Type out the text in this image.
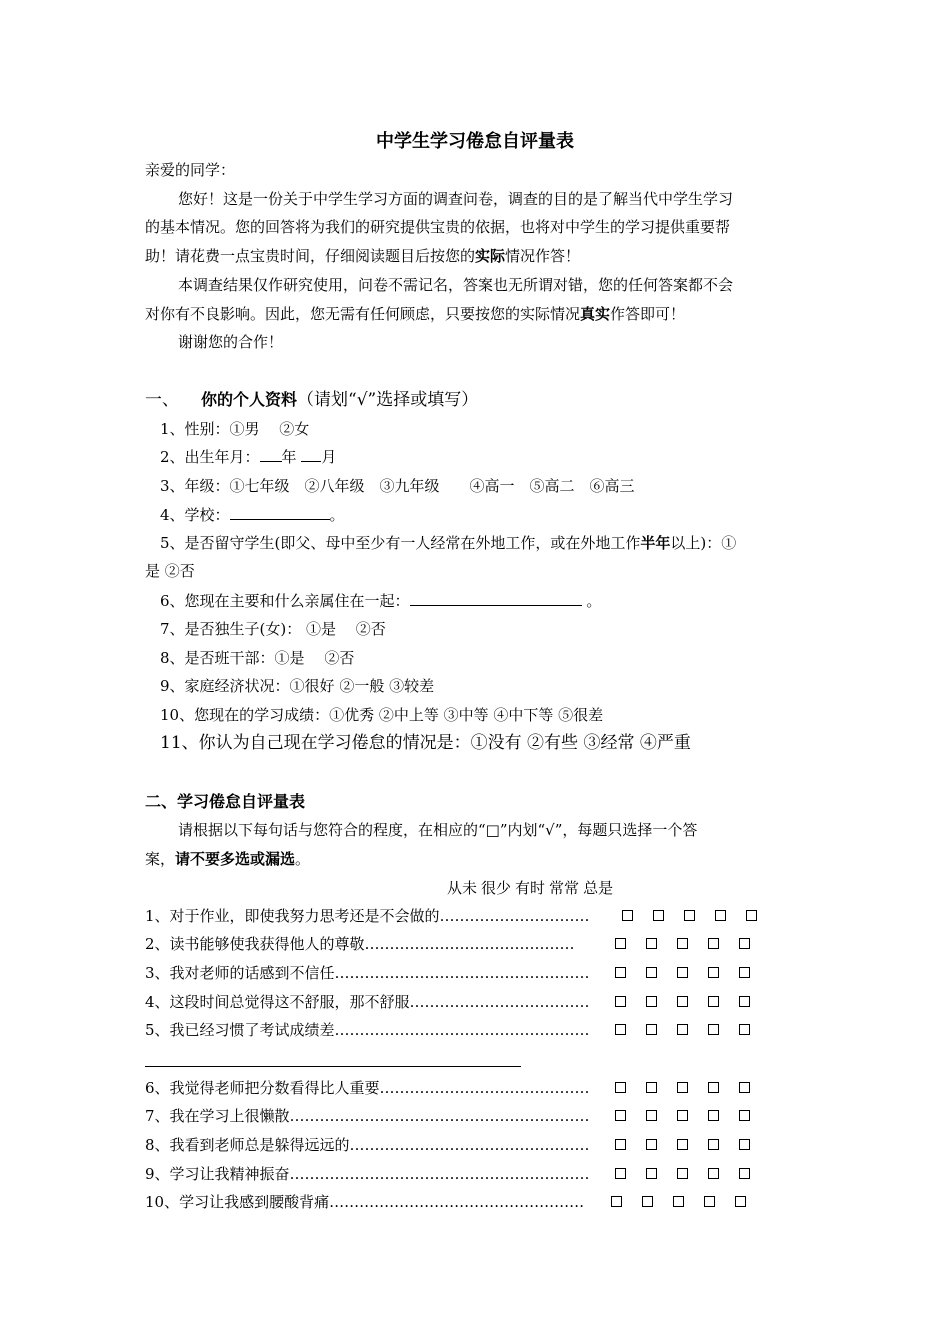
中学生学习倦怠自评量表
亲爱的同学：
您好！这是一份关于中学生学习方面的调查问卷，调查的目的是了解当代中学生学习
的基本情况。您的回答将为我们的研究提供宝贵的依据，也将对中学生的学习提供重要帮
助！请花费一点宝贵时间，仔细阅读题目后按您的实际情况作答！
本调查结果仅作研究使用，问卷不需记名，答案也无所谓对错，您的任何答案都不会
对你有不良影响。因此，您无需有任何顾虑，只要按您的实际情况真实作答即可！
谢谢您的合作！
一、 你的个人资料（请划“√”选择或填写）
1、性别：①男　 ②女
2、出生年月： 年 月
3、年级：①七年级　②八年级　③九年级　　④高一　⑤高二　⑥高三
4、学校：	。
5、是否留守学生(即父、母中至少有一人经常在外地工作，或在外地工作半年以上)：①
是 ②否
6、您现在主要和什么亲属住在一起：	。
7、是否独生子(女)： ①是　 ②否
8、是否班干部：①是　 ②否
9、家庭经济状况：①很好 ②一般 ③较差
10、您现在的学习成绩：①优秀 ②中上等 ③中等 ④中下等 ⑤很差
11、你认为自己现在学习倦怠的情况是：①没有 ②有些 ③经常 ④严重
二、学习倦怠自评量表
请根据以下每句话与您符合的程度，在相应的“□”内划“√”，每题只选择一个答
案，请不要多选或漏选。
从未 很少 有时 常常 总是
1、对于作业，即使我努力思考还是不会做的…………………………
2、读书能够使我获得他人的尊敬……………………………………
3、我对老师的话感到不信任……………………………………………
4、这段时间总觉得这不舒服，那不舒服………………………………
5、我已经习惯了考试成绩差……………………………………………
6、我觉得老师把分数看得比人重要……………………………………
7、我在学习上很懒散……………………………………………………
8、我看到老师总是躲得远远的…………………………………………
9、学习让我精神振奋……………………………………………………
10、学习让我感到腰酸背痛……………………………………………
